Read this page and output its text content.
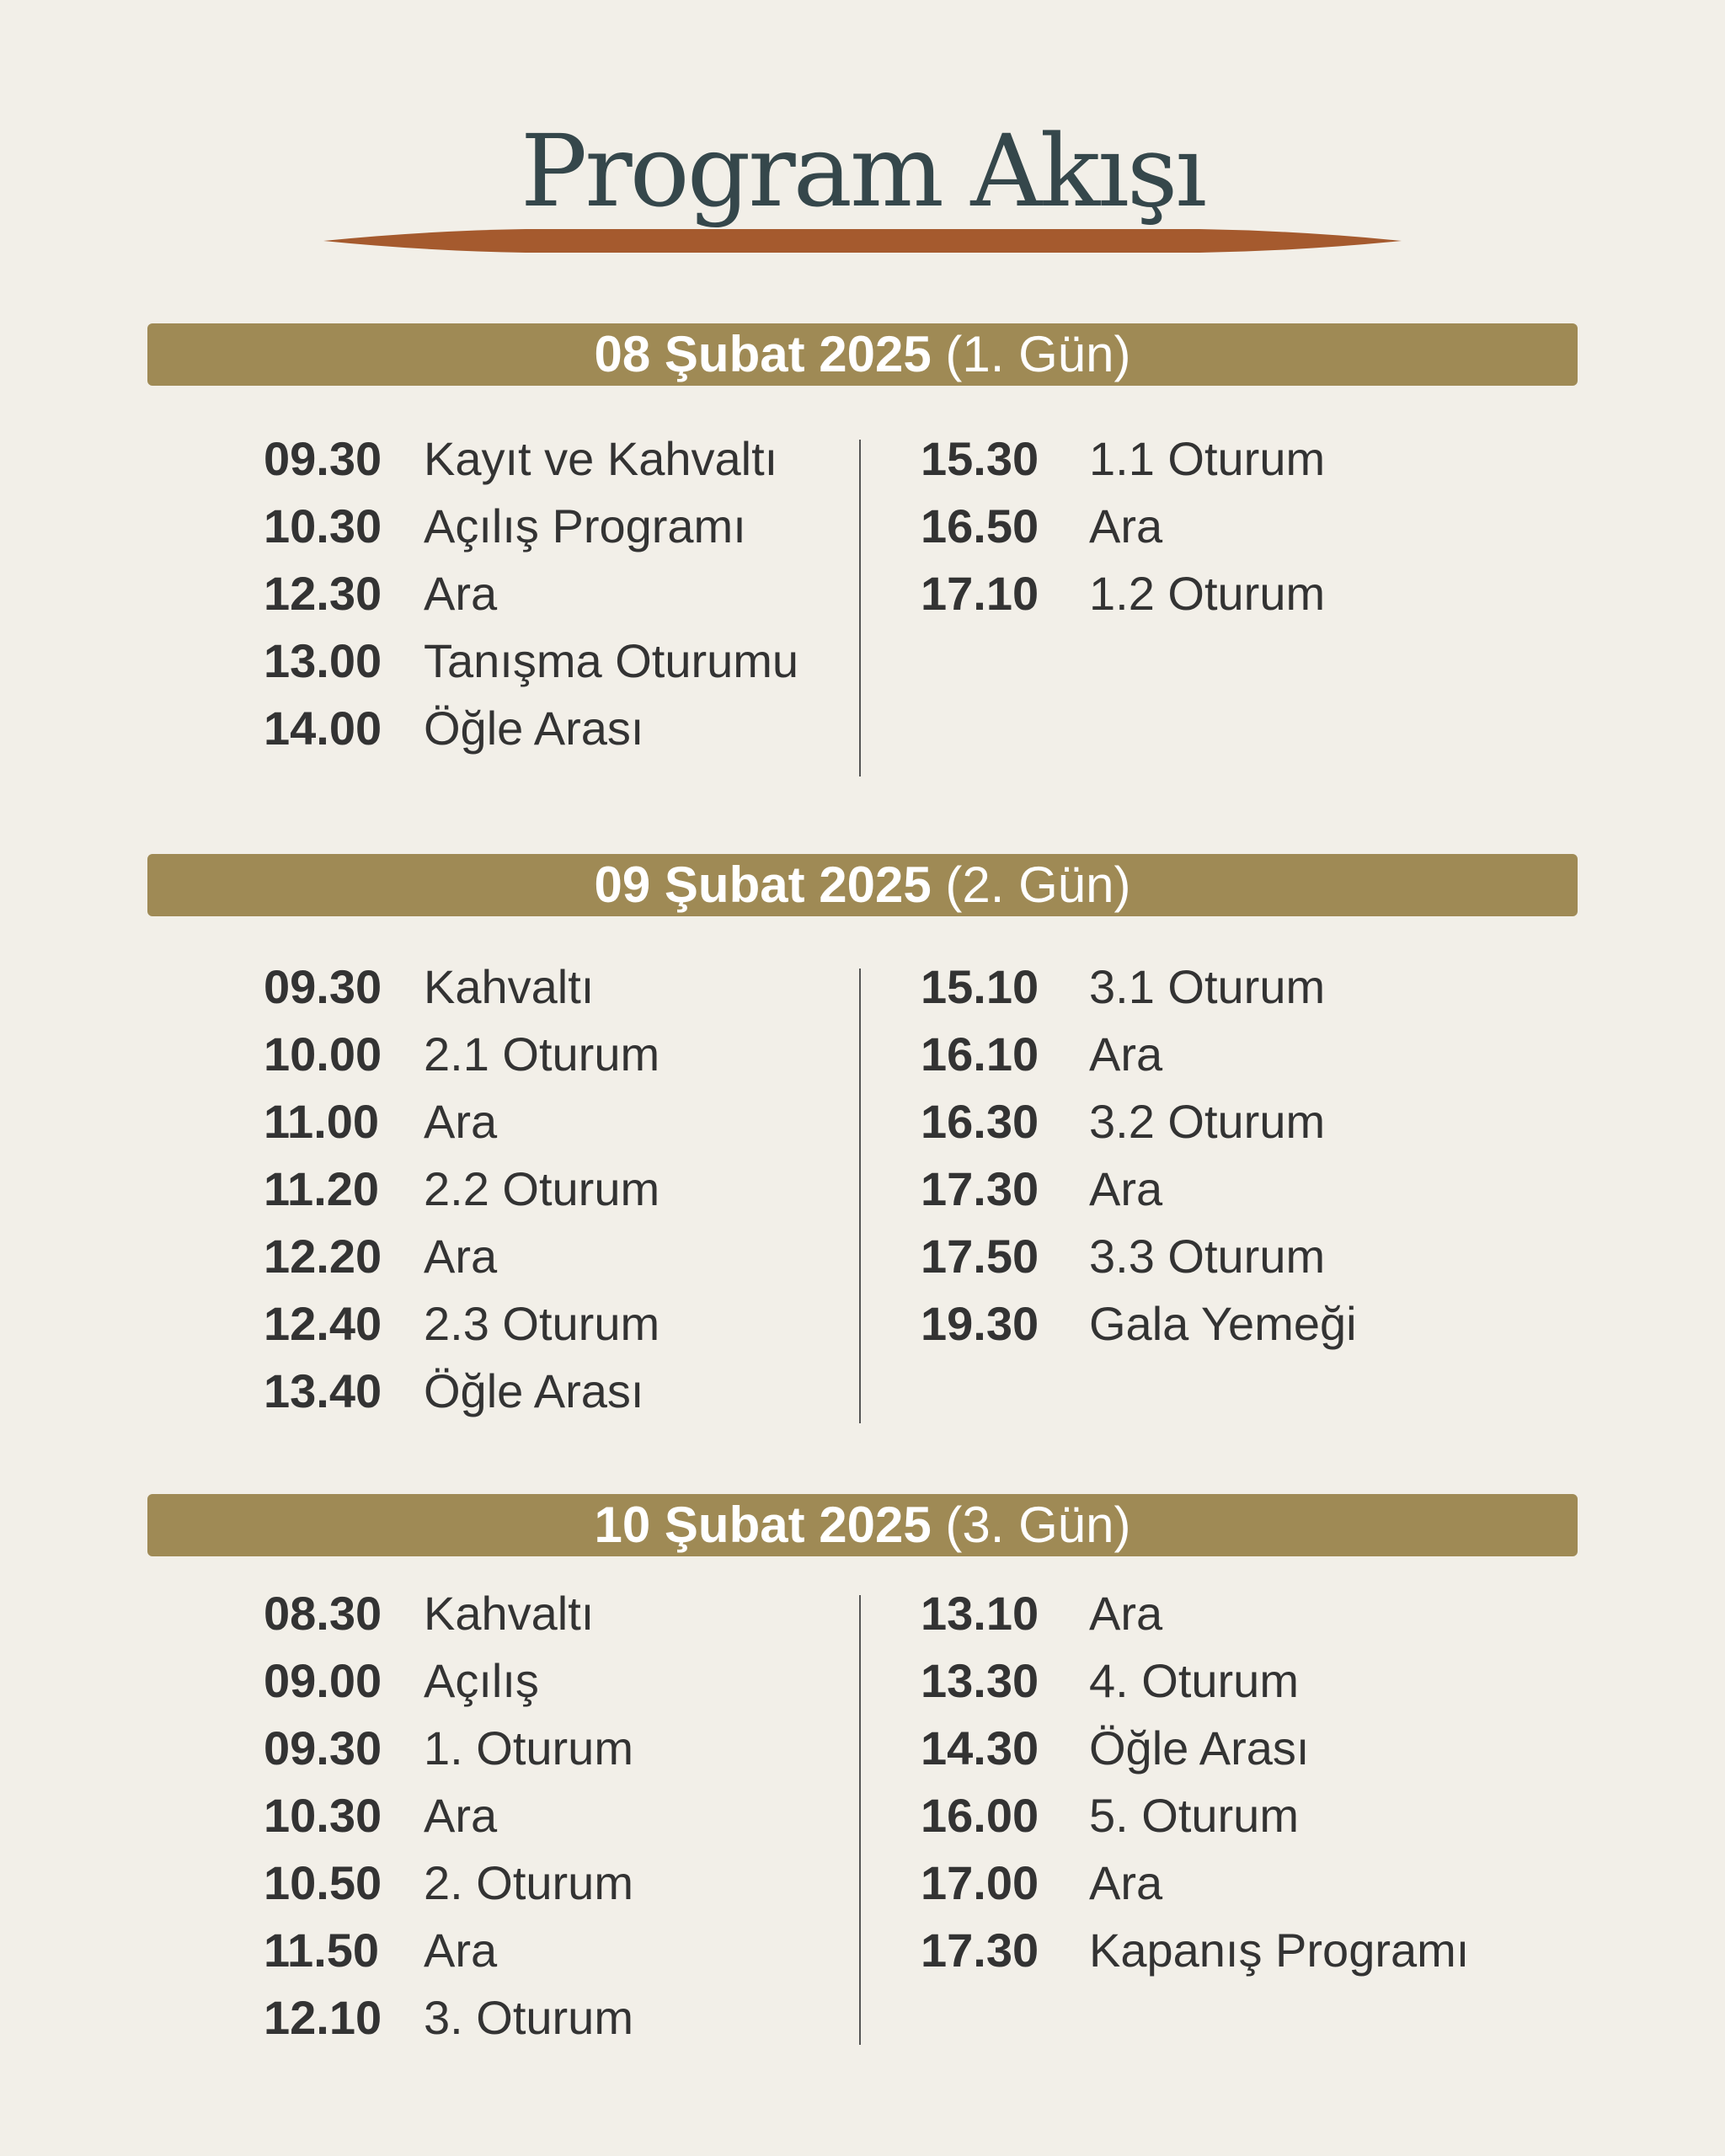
Program Akışı
08 Şubat 2025 (1. Gün)
09.30 Kayıt ve Kahvaltı
10.30 Açılış Programı
12.30 Ara
13.00 Tanışma Oturumu
14.00 Öğle Arası
15.30 1.1 Oturum
16.50 Ara
17.10 1.2 Oturum
09 Şubat 2025 (2. Gün)
09.30 Kahvaltı
10.00 2.1 Oturum
11.00 Ara
11.20 2.2 Oturum
12.20 Ara
12.40 2.3 Oturum
13.40 Öğle Arası
15.10 3.1 Oturum
16.10 Ara
16.30 3.2 Oturum
17.30 Ara
17.50 3.3 Oturum
19.30 Gala Yemeği
10 Şubat 2025 (3. Gün)
08.30 Kahvaltı
09.00 Açılış
09.30 1. Oturum
10.30 Ara
10.50 2. Oturum
11.50 Ara
12.10 3. Oturum
13.10 Ara
13.30 4. Oturum
14.30 Öğle Arası
16.00 5. Oturum
17.00 Ara
17.30 Kapanış Programı
